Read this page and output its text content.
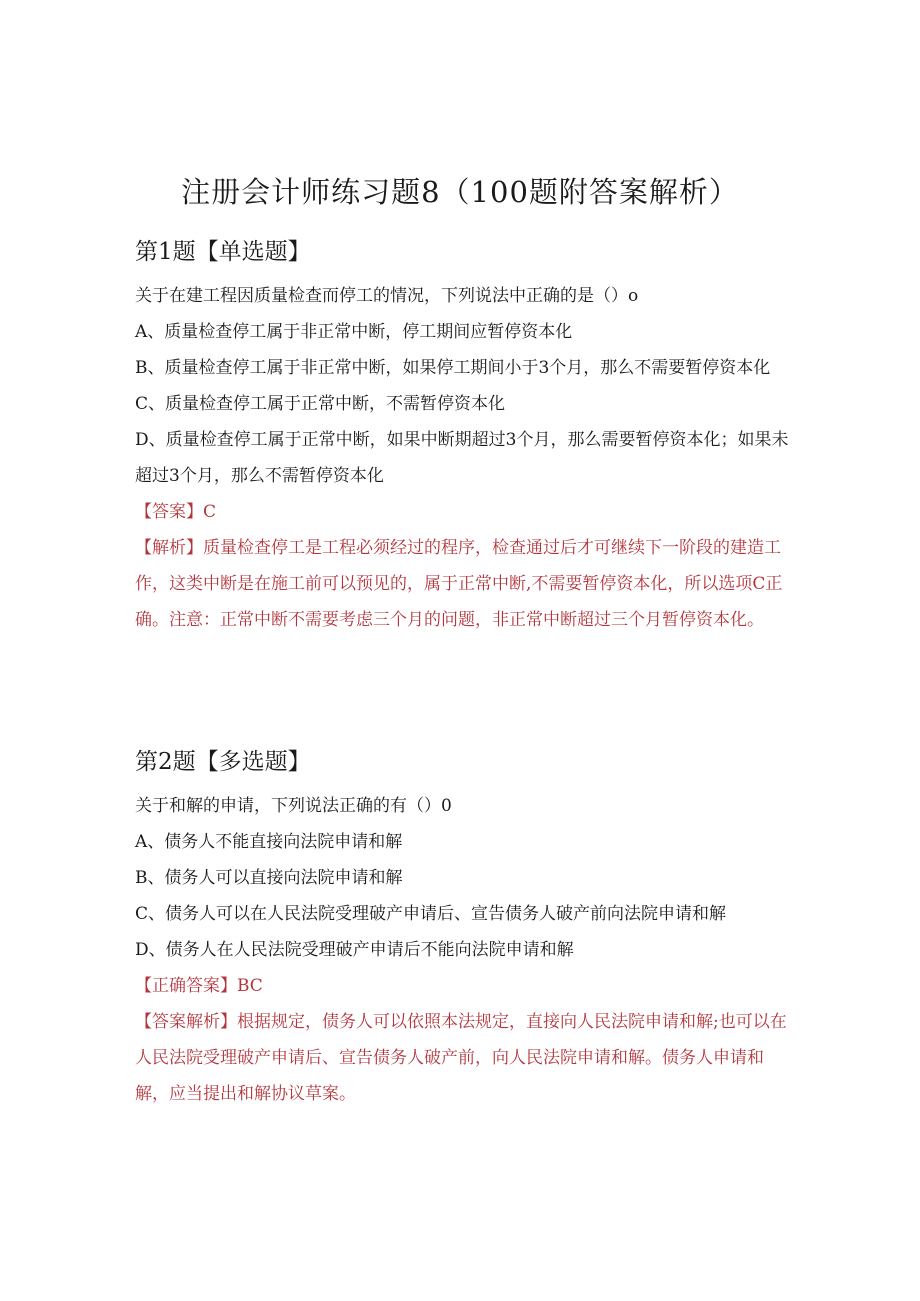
注册会计师练习题8（100题附答案解析）
第1题【单选题】

关于在建工程因质量检查而停工的情况，下列说法中正确的是（）o

A、质量检查停工属于非正常中断，停工期间应暂停资本化

B、质量检查停工属于非正常中断，如果停工期间小于3个月，那么不需要暂停资本化

C、质量检查停工属于正常中断，不需暂停资本化

D、质量检查停工属于正常中断，如果中断期超过3个月，那么需要暂停资本化；如果未超过3个月，那么不需暂停资本化

【答案】C

【解析】质量检查停工是工程必须经过的程序，检查通过后才可继续下一阶段的建造工作，这类中断是在施工前可以预见的，属于正常中断,不需要暂停资本化，所以选项C正确。注意：正常中断不需要考虑三个月的问题，非正常中断超过三个月暂停资本化。

第2题【多选题】

关于和解的申请，下列说法正确的有（）0

A、债务人不能直接向法院申请和解

B、债务人可以直接向法院申请和解

C、债务人可以在人民法院受理破产申请后、宣告债务人破产前向法院申请和解

D、债务人在人民法院受理破产申请后不能向法院申请和解

【正确答案】BC

【答案解析】根据规定，债务人可以依照本法规定，直接向人民法院申请和解;也可以在人民法院受理破产申请后、宣告债务人破产前，向人民法院申请和解。债务人申请和解，应当提出和解协议草案。
